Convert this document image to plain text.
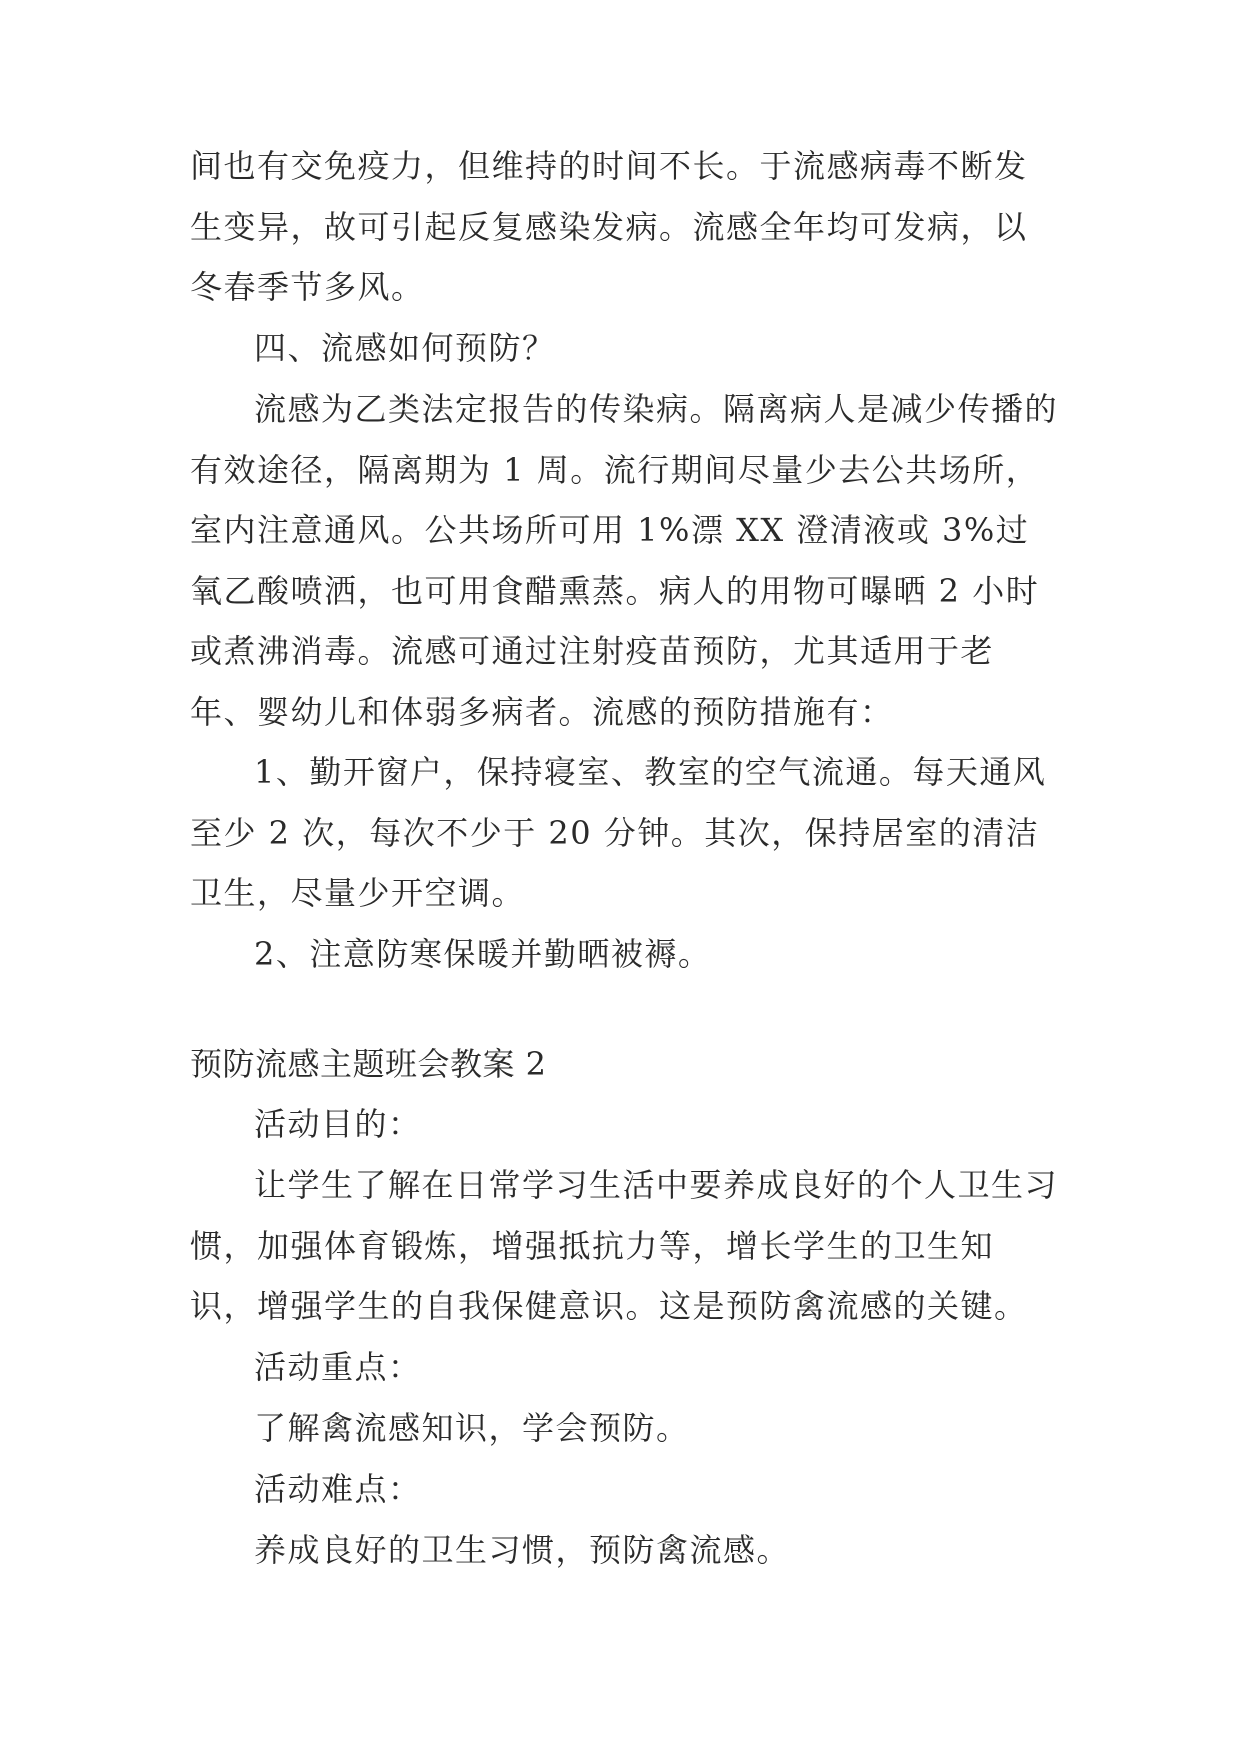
间也有交免疫力，但维持的时间不长。于流感病毒不断发生变异，故可引起反复感染发病。流感全年均可发病，以冬春季节多风。

四、流感如何预防？

流感为乙类法定报告的传染病。隔离病人是减少传播的有效途径，隔离期为 1 周。流行期间尽量少去公共场所，室内注意通风。公共场所可用 1%漂 XX 澄清液或 3%过氧乙酸喷洒，也可用食醋熏蒸。病人的用物可曝晒 2 小时或煮沸消毒。流感可通过注射疫苗预防，尤其适用于老年、婴幼儿和体弱多病者。流感的预防措施有：

1、勤开窗户，保持寝室、教室的空气流通。每天通风至少 2 次，每次不少于 20 分钟。其次，保持居室的清洁卫生，尽量少开空调。

2、注意防寒保暖并勤晒被褥。

预防流感主题班会教案 2

活动目的：

让学生了解在日常学习生活中要养成良好的个人卫生习惯，加强体育锻炼，增强抵抗力等，增长学生的卫生知识，增强学生的自我保健意识。这是预防禽流感的关键。

活动重点：

了解禽流感知识，学会预防。

活动难点：

养成良好的卫生习惯，预防禽流感。
